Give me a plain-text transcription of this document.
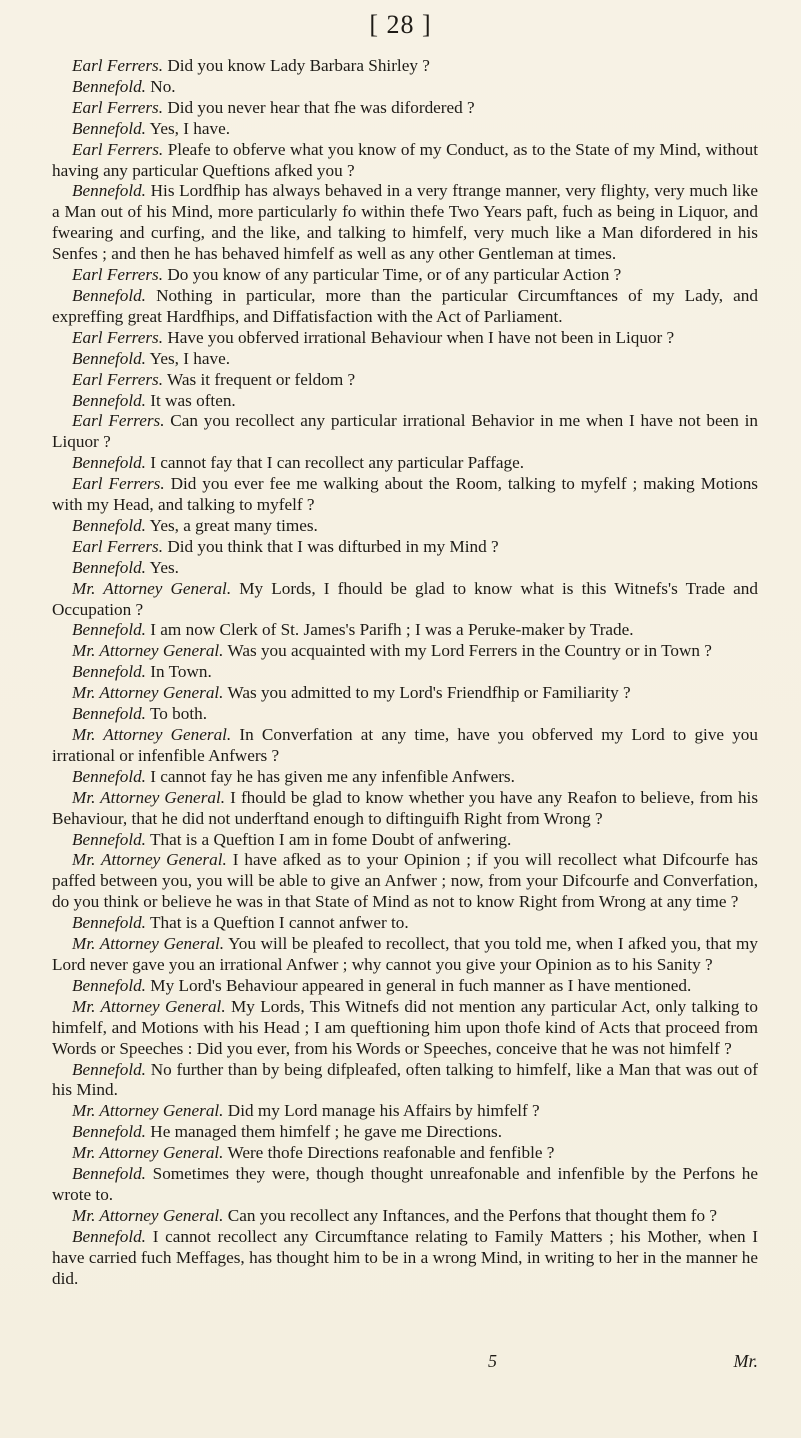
[ 28 ]

Earl Ferrers. Did you know Lady Barbara Shirley ?

Bennefold. No.

Earl Ferrers. Did you never hear that fhe was difordered ?

Bennefold. Yes, I have.

Earl Ferrers. Pleafe to obferve what you know of my Conduct, as to the State of my Mind, without having any particular Queftions afked you ?

Bennefold. His Lordfhip has always behaved in a very ftrange manner, very flighty, very much like a Man out of his Mind, more particularly fo within thefe Two Years paft, fuch as being in Liquor, and fwearing and curfing, and the like, and talking to himfelf, very much like a Man difordered in his Senfes ; and then he has behaved himfelf as well as any other Gentleman at times.

Earl Ferrers. Do you know of any particular Time, or of any particular Action ?

Bennefold. Nothing in particular, more than the particular Circumftances of my Lady, and expreffing great Hardfhips, and Diffatisfaction with the Act of Parliament.

Earl Ferrers. Have you obferved irrational Behaviour when I have not been in Liquor ?

Bennefold. Yes, I have.

Earl Ferrers. Was it frequent or feldom ?

Bennefold. It was often.

Earl Ferrers. Can you recollect any particular irrational Behavior in me when I have not been in Liquor ?

Bennefold. I cannot fay that I can recollect any particular Paffage.

Earl Ferrers. Did you ever fee me walking about the Room, talking to myfelf ; making Motions with my Head, and talking to myfelf ?

Bennefold. Yes, a great many times.

Earl Ferrers. Did you think that I was difturbed in my Mind ?

Bennefold. Yes.

Mr. Attorney General. My Lords, I fhould be glad to know what is this Witnefs's Trade and Occupation ?

Bennefold. I am now Clerk of St. James's Parifh ; I was a Peruke-maker by Trade.

Mr. Attorney General. Was you acquainted with my Lord Ferrers in the Country or in Town ?

Bennefold. In Town.

Mr. Attorney General. Was you admitted to my Lord's Friendfhip or Familiarity ?

Bennefold. To both.

Mr. Attorney General. In Converfation at any time, have you obferved my Lord to give you irrational or infenfible Anfwers ?

Bennefold. I cannot fay he has given me any infenfible Anfwers.

Mr. Attorney General. I fhould be glad to know whether you have any Reafon to believe, from his Behaviour, that he did not underftand enough to diftinguifh Right from Wrong ?

Bennefold. That is a Queftion I am in fome Doubt of anfwering.

Mr. Attorney General. I have afked as to your Opinion ; if you will recollect what Difcourfe has paffed between you, you will be able to give an Anfwer ; now, from your Difcourfe and Converfation, do you think or believe he was in that State of Mind as not to know Right from Wrong at any time ?

Bennefold. That is a Queftion I cannot anfwer to.

Mr. Attorney General. You will be pleafed to recollect, that you told me, when I afked you, that my Lord never gave you an irrational Anfwer ; why cannot you give your Opinion as to his Sanity ?

Bennefold. My Lord's Behaviour appeared in general in fuch manner as I have mentioned.

Mr. Attorney General. My Lords, This Witnefs did not mention any particular Act, only talking to himfelf, and Motions with his Head ; I am queftioning him upon thofe kind of Acts that proceed from Words or Speeches : Did you ever, from his Words or Speeches, conceive that he was not himfelf ?

Bennefold. No further than by being difpleafed, often talking to himfelf, like a Man that was out of his Mind.

Mr. Attorney General. Did my Lord manage his Affairs by himfelf ?

Bennefold. He managed them himfelf ; he gave me Directions.

Mr. Attorney General. Were thofe Directions reafonable and fenfible ?

Bennefold. Sometimes they were, though thought unreafonable and infenfible by the Perfons he wrote to.

Mr. Attorney General. Can you recollect any Inftances, and the Perfons that thought them fo ?

Bennefold. I cannot recollect any Circumftance relating to Family Matters ; his Mother, when I have carried fuch Meffages, has thought him to be in a wrong Mind, in writing to her in the manner he did.

5	Mr.
